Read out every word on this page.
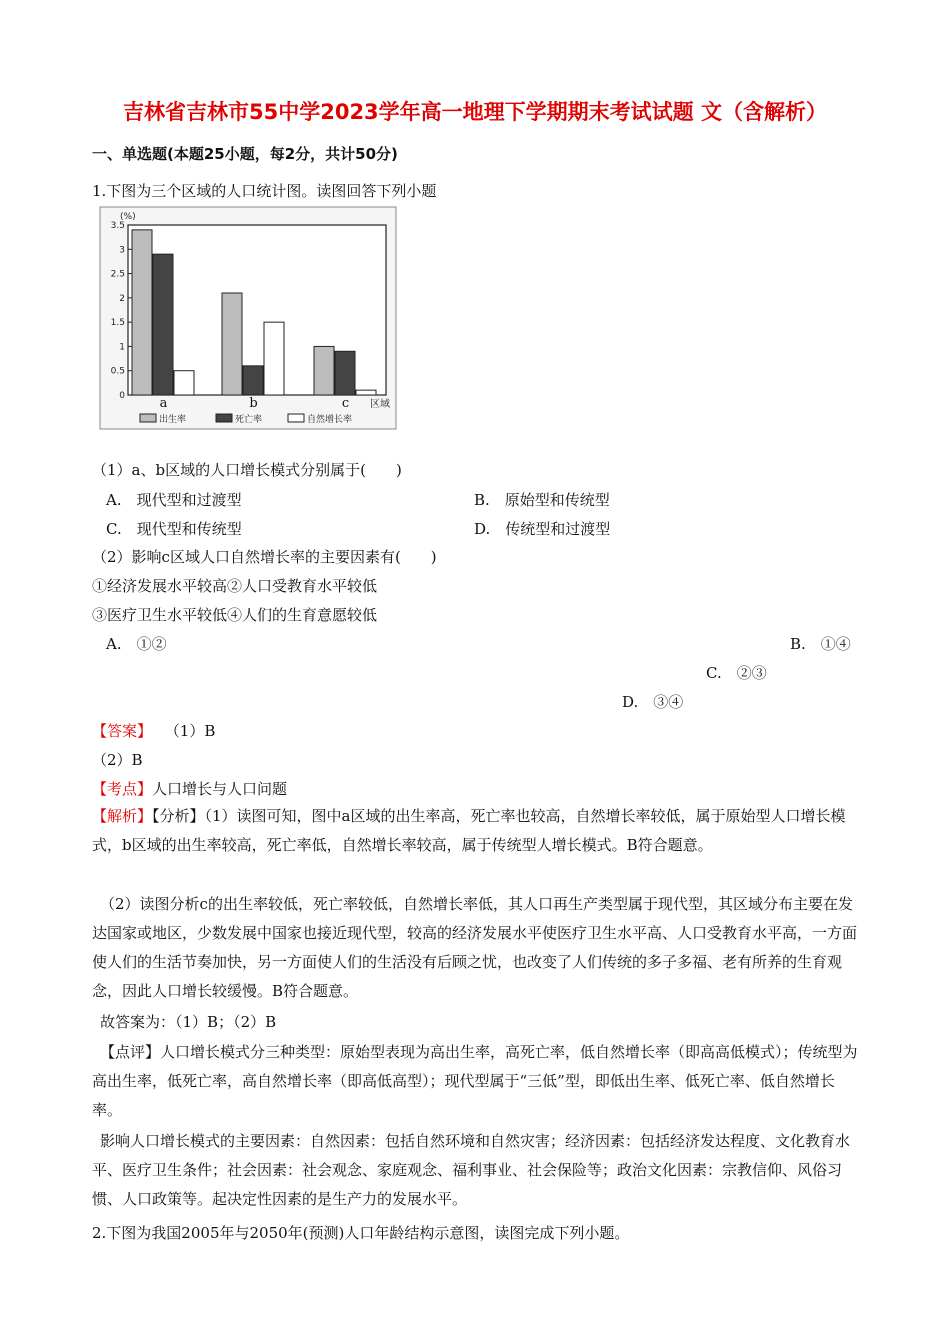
吉林省吉林市55中学2023学年高一地理下学期期末考试试题 文（含解析）
一、单选题(本题25小题，每2分，共计50分)
1.下图为三个区域的人口统计图。读图回答下列小题
(%)
3.5
3
2.5
2
1.5
1
0.5
0	a	b	c 区域
出生率	死亡率	自然增长率
（1）a、b区域的人口增长模式分别属于(　　)
A.　现代型和过渡型	B.　原始型和传统型
C.　现代型和传统型	D.　传统型和过渡型
（2）影响c区域人口自然增长率的主要因素有(　　)
①经济发展水平较高②人口受教育水平较低
③医疗卫生水平较低④人们的生育意愿较低
A.　①②	B.　①④
C.　②③
D.　③④
【答案】 （1）B
（2）B
【考点】人口增长与人口问题
【解析】【分析】（1）读图可知，图中a区域的出生率高，死亡率也较高，自然增长率较低，属于原始型人口增长模式，b区域的出生率较高，死亡率低，自然增长率较高，属于传统型人增长模式。B符合题意。
（2）读图分析c的出生率较低，死亡率较低，自然增长率低，其人口再生产类型属于现代型，其区域分布主要在发达国家或地区，少数发展中国家也接近现代型，较高的经济发展水平使医疗卫生水平高、人口受教育水平高，一方面使人们的生活节奏加快，另一方面使人们的生活没有后顾之忧，也改变了人们传统的多子多福、老有所养的生育观念，因此人口增长较缓慢。B符合题意。
故答案为：（1）B；（2）B
【点评】人口增长模式分三种类型：原始型表现为高出生率，高死亡率，低自然增长率（即高高低模式）；传统型为高出生率，低死亡率，高自然增长率（即高低高型）；现代型属于“三低”型，即低出生率、低死亡率、低自然增长率。
影响人口增长模式的主要因素：自然因素：包括自然环境和自然灾害；经济因素：包括经济发达程度、文化教育水平、医疗卫生条件；社会因素：社会观念、家庭观念、福利事业、社会保险等；政治文化因素：宗教信仰、风俗习惯、人口政策等。起决定性因素的是生产力的发展水平。
2.下图为我国2005年与2050年(预测)人口年龄结构示意图，读图完成下列小题。
